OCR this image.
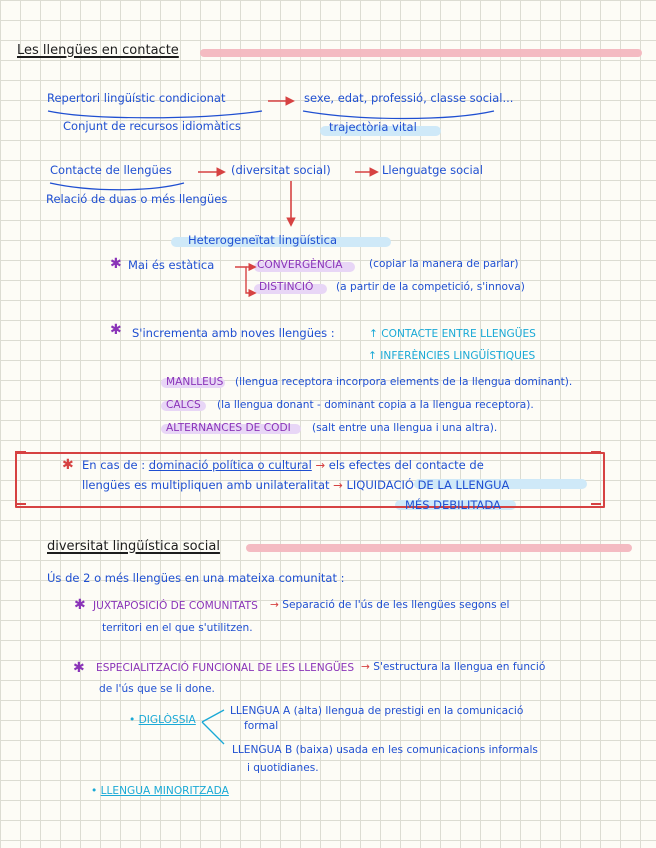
Les llengües en contacte
Repertori lingüístic condicionat	sexe, edat, professió, classe social...
Conjunt de recursos idiomàtics	trajectòria vital
Contacte de llengües	(diversitat social)	Llenguatge social
Relació de duas o més llengües
Heterogeneïtat lingüística
✱ Mai és estàtica	CONVERGÈNCIA (copiar la manera de parlar)
DISTINCIÓ (a partir de la competició, s'innova)
✱ S'incrementa amb noves llengües :	↑ CONTACTE ENTRE LLENGÜES
↑ INFERÈNCIES LINGÜÍSTIQUES
MANLLEUS (llengua receptora incorpora elements de la llengua dominant).
CALCS (la llengua donant - dominant copia a la llengua receptora).
ALTERNANCES DE CODI (salt entre una llengua i una altra).
✱ En cas de : dominació política o cultural → els efectes del contacte de
llengües es multipliquen amb unilateralitat → LIQUIDACIÓ DE LA LLENGUA
MÉS DEBILITADA
diversitat lingüística social
Ús de 2 o més llengües en una mateixa comunitat :
✱ JUXTAPOSICIÓ DE COMUNITATS → Separació de l'ús de les llengües segons el
territori en el que s'utilitzen.
✱ ESPECIALITZACIÓ FUNCIONAL DE LES LLENGÜES → S'estructura la llengua en funció
de l'ús que se li done.
• DIGLÒSSIA
LLENGUA A (alta) llengua de prestigi en la comunicació
formal
LLENGUA B (baixa) usada en les comunicacions informals
i quotidianes.
• LLENGUA MINORITZADA
